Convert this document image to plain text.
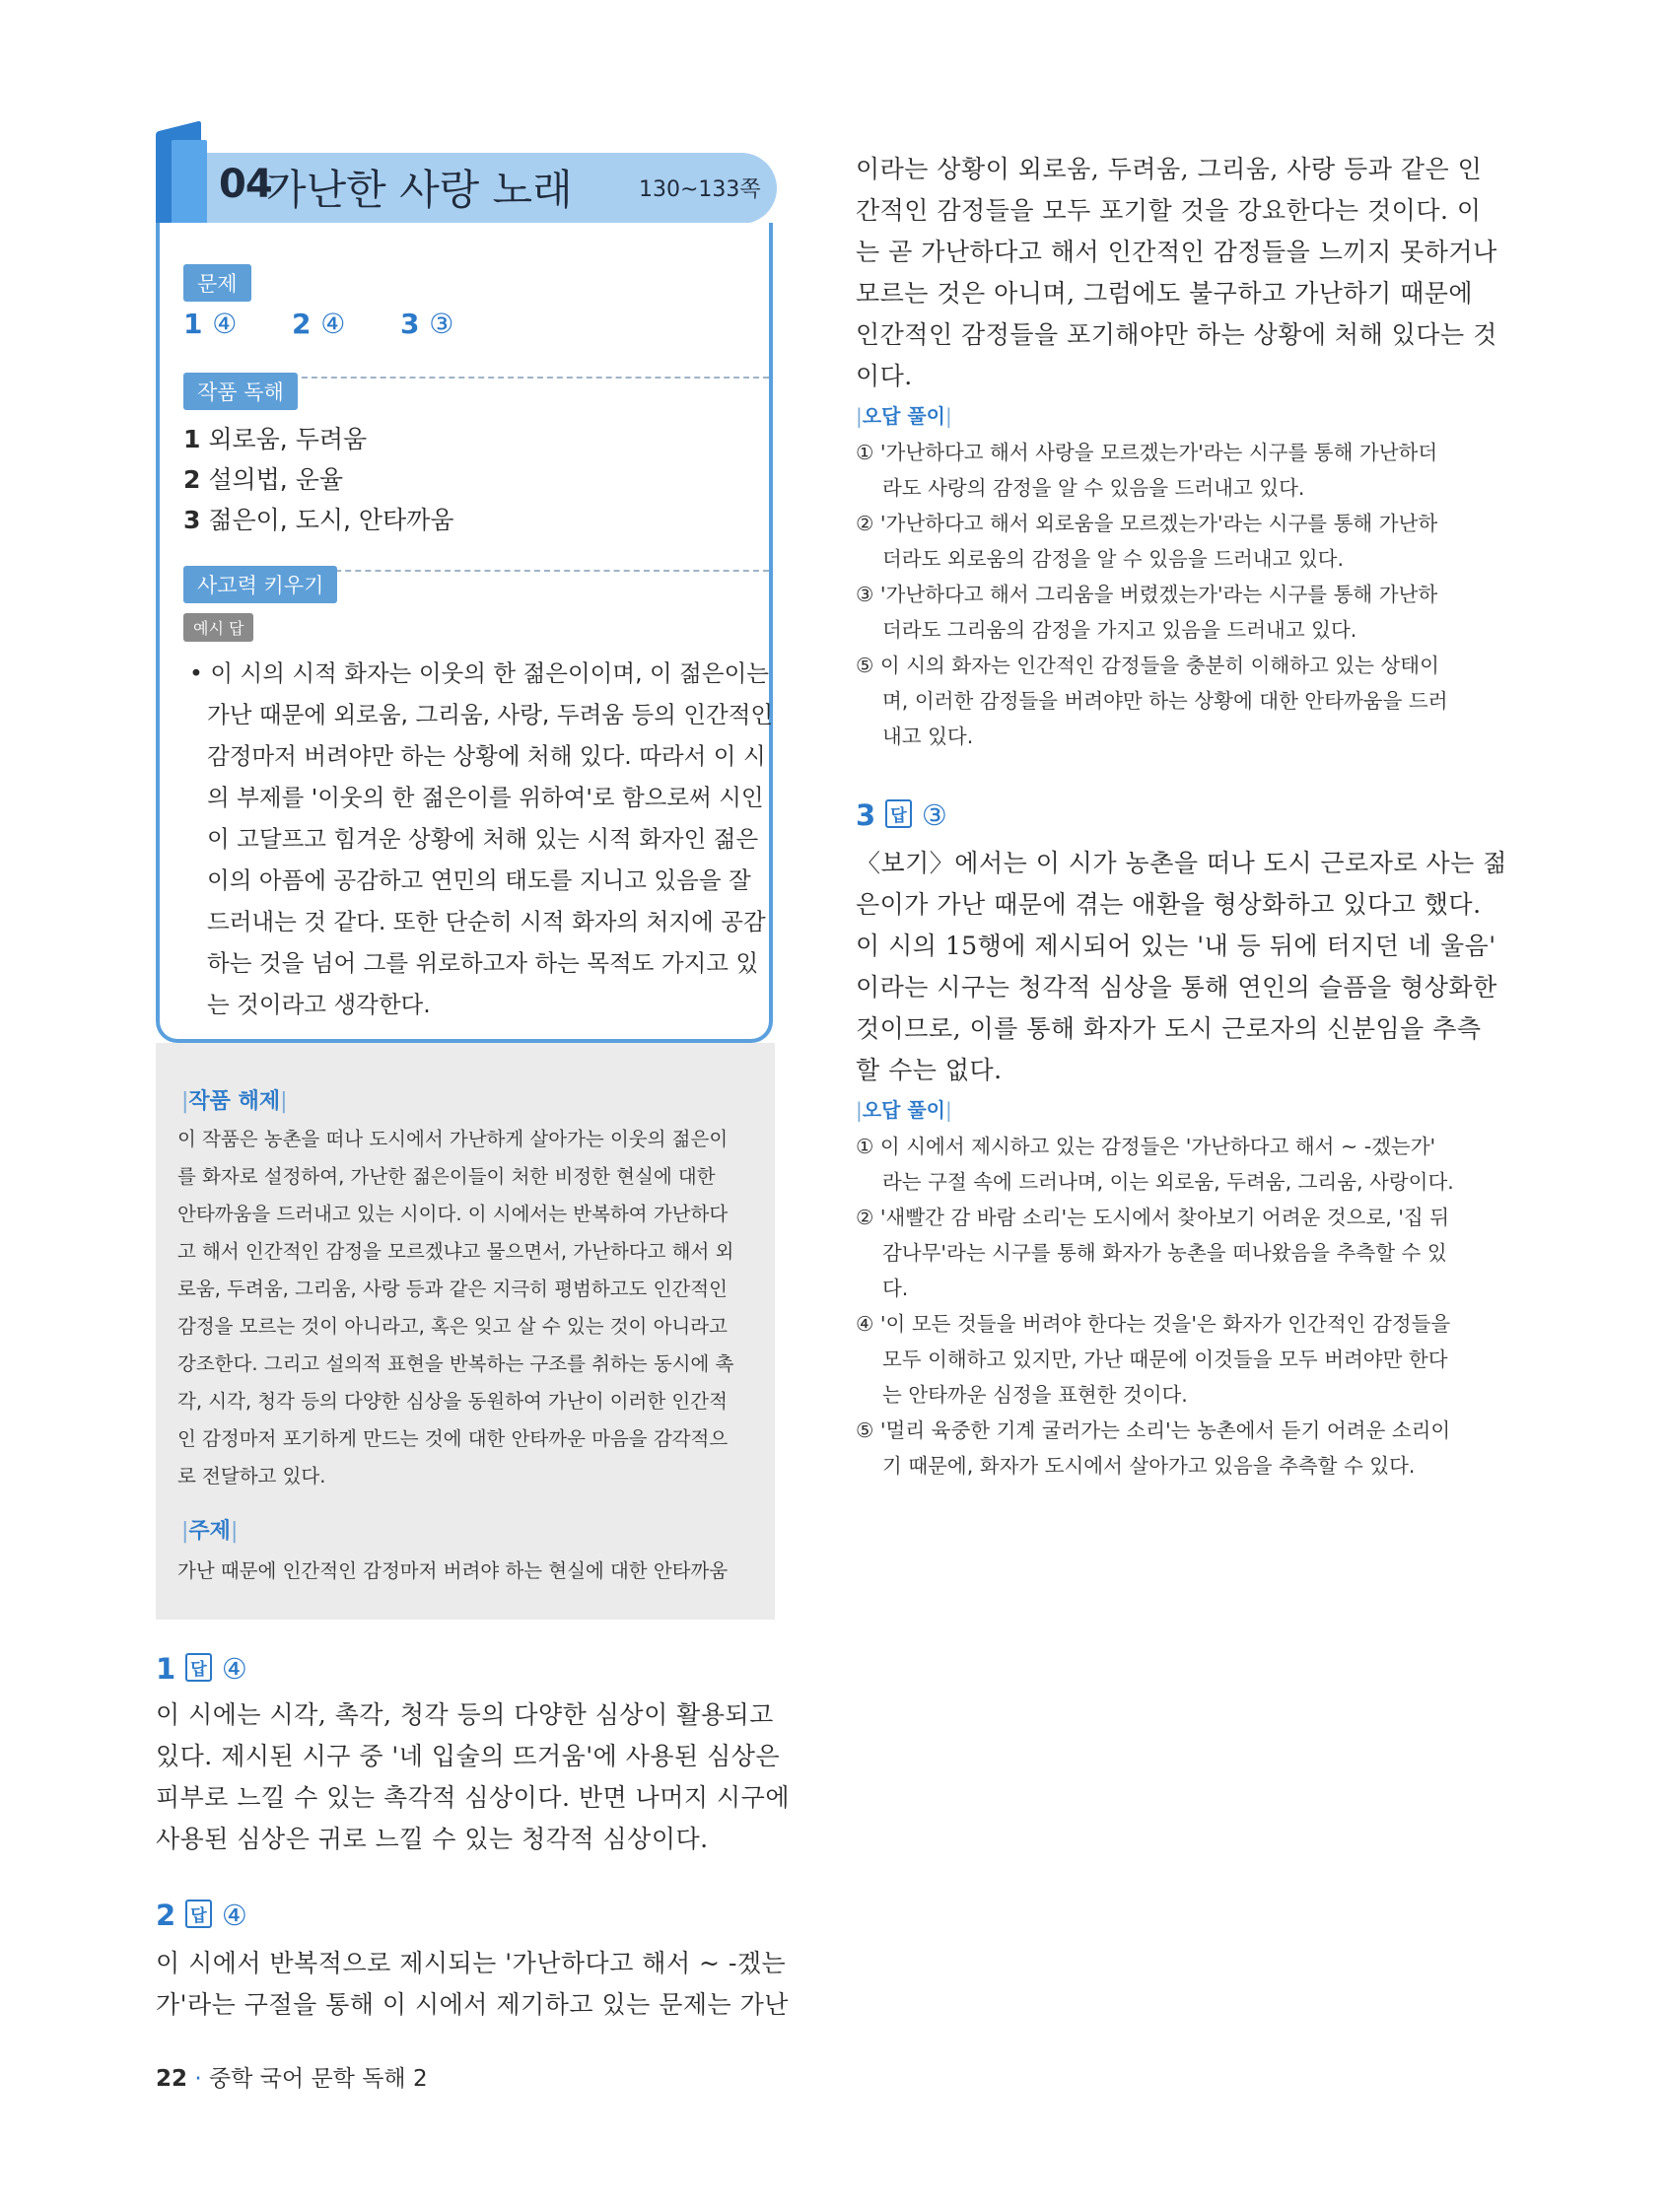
04
가난한 사랑 노래	130~133쪽
문제
1 ④ 2 ④ 3 ③
작품 독해
1 외로움, 두려움
2 설의법, 운율
3 젊은이, 도시, 안타까움
사고력 키우기
예시 답
• 이 시의 시적 화자는 이웃의 한 젊은이이며, 이 젊은이는
가난 때문에 외로움, 그리움, 사랑, 두려움 등의 인간적인
감정마저 버려야만 하는 상황에 처해 있다. 따라서 이 시
의 부제를 '이웃의 한 젊은이를 위하여'로 함으로써 시인
이 고달프고 힘겨운 상황에 처해 있는 시적 화자인 젊은
이의 아픔에 공감하고 연민의 태도를 지니고 있음을 잘
드러내는 것 같다. 또한 단순히 시적 화자의 처지에 공감
하는 것을 넘어 그를 위로하고자 하는 목적도 가지고 있
는 것이라고 생각한다.
|작품 해제|
이 작품은 농촌을 떠나 도시에서 가난하게 살아가는 이웃의 젊은이
를 화자로 설정하여, 가난한 젊은이들이 처한 비정한 현실에 대한
안타까움을 드러내고 있는 시이다. 이 시에서는 반복하여 가난하다
고 해서 인간적인 감정을 모르겠냐고 물으면서, 가난하다고 해서 외
로움, 두려움, 그리움, 사랑 등과 같은 지극히 평범하고도 인간적인
감정을 모르는 것이 아니라고, 혹은 잊고 살 수 있는 것이 아니라고
강조한다. 그리고 설의적 표현을 반복하는 구조를 취하는 동시에 촉
각, 시각, 청각 등의 다양한 심상을 동원하여 가난이 이러한 인간적
인 감정마저 포기하게 만드는 것에 대한 안타까운 마음을 감각적으
로 전달하고 있다.
|주제|
가난 때문에 인간적인 감정마저 버려야 하는 현실에 대한 안타까움
1 답 ④
이 시에는 시각, 촉각, 청각 등의 다양한 심상이 활용되고
있다. 제시된 시구 중 '네 입술의 뜨거움'에 사용된 심상은
피부로 느낄 수 있는 촉각적 심상이다. 반면 나머지 시구에
사용된 심상은 귀로 느낄 수 있는 청각적 심상이다.
2 답 ④
이 시에서 반복적으로 제시되는 '가난하다고 해서 ~ -겠는
가'라는 구절을 통해 이 시에서 제기하고 있는 문제는 가난
22 · 중학 국어 문학 독해 2
이라는 상황이 외로움, 두려움, 그리움, 사랑 등과 같은 인
간적인 감정들을 모두 포기할 것을 강요한다는 것이다. 이
는 곧 가난하다고 해서 인간적인 감정들을 느끼지 못하거나
모르는 것은 아니며, 그럼에도 불구하고 가난하기 때문에
인간적인 감정들을 포기해야만 하는 상황에 처해 있다는 것
이다.
|오답 풀이|
① '가난하다고 해서 사랑을 모르겠는가'라는 시구를 통해 가난하더
라도 사랑의 감정을 알 수 있음을 드러내고 있다.
② '가난하다고 해서 외로움을 모르겠는가'라는 시구를 통해 가난하
더라도 외로움의 감정을 알 수 있음을 드러내고 있다.
③ '가난하다고 해서 그리움을 버렸겠는가'라는 시구를 통해 가난하
더라도 그리움의 감정을 가지고 있음을 드러내고 있다.
⑤ 이 시의 화자는 인간적인 감정들을 충분히 이해하고 있는 상태이
며, 이러한 감정들을 버려야만 하는 상황에 대한 안타까움을 드러
내고 있다.
3 답 ③
〈보기〉에서는 이 시가 농촌을 떠나 도시 근로자로 사는 젊
은이가 가난 때문에 겪는 애환을 형상화하고 있다고 했다.
이 시의 15행에 제시되어 있는 '내 등 뒤에 터지던 네 울음'
이라는 시구는 청각적 심상을 통해 연인의 슬픔을 형상화한
것이므로, 이를 통해 화자가 도시 근로자의 신분임을 추측
할 수는 없다.
|오답 풀이|
① 이 시에서 제시하고 있는 감정들은 '가난하다고 해서 ~ -겠는가'
라는 구절 속에 드러나며, 이는 외로움, 두려움, 그리움, 사랑이다.
② '새빨간 감 바람 소리'는 도시에서 찾아보기 어려운 것으로, '집 뒤
감나무'라는 시구를 통해 화자가 농촌을 떠나왔음을 추측할 수 있
다.
④ '이 모든 것들을 버려야 한다는 것을'은 화자가 인간적인 감정들을
모두 이해하고 있지만, 가난 때문에 이것들을 모두 버려야만 한다
는 안타까운 심정을 표현한 것이다.
⑤ '멀리 육중한 기계 굴러가는 소리'는 농촌에서 듣기 어려운 소리이
기 때문에, 화자가 도시에서 살아가고 있음을 추측할 수 있다.
